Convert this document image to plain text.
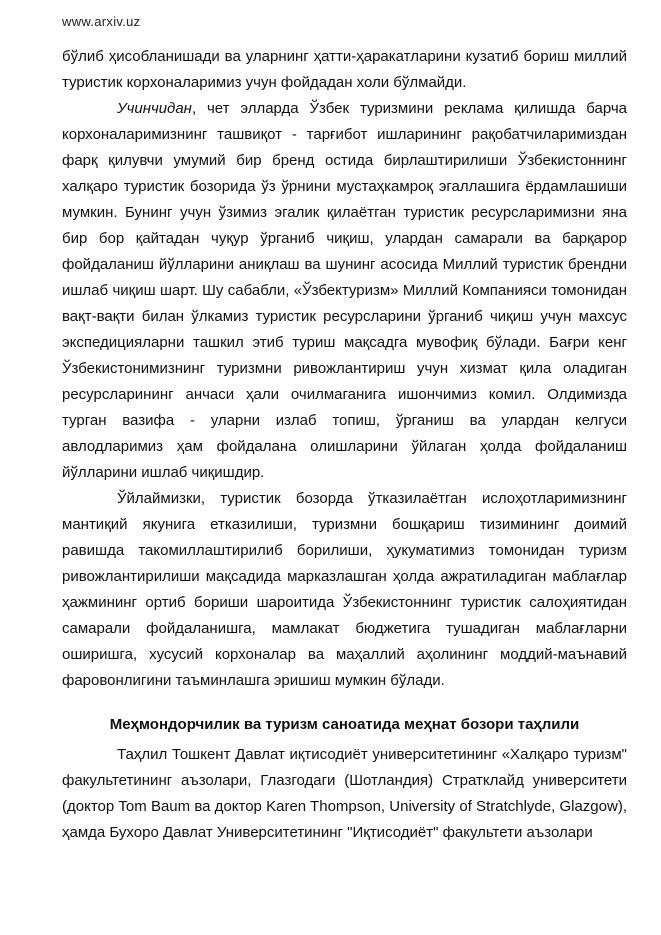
www.arxiv.uz

бўлиб ҳисобланишади ва уларнинг ҳатти-ҳаракатларини кузатиб бориш миллий туристик корхоналаримиз учун фойдадан холи бўлмайди.

Учинчидан, чет элларда Ўзбек туризмини реклама қилишда барча корхоналаримизнинг ташвиқот - тарғибот ишларининг рақобатчиларимиздан фарқ қилувчи умумий бир бренд остида бирлаштирилиши Ўзбекистоннинг халқаро туристик бозорида ўз ўрнини мустаҳкамроқ эгаллашига ёрдамлашиши мумкин. Бунинг учун ўзимиз эгалик қилаётган туристик ресурсларимизни яна бир бор қайтадан чуқур ўрганиб чиқиш, улардан самарали ва барқарор фойдаланиш йўлларини аниқлаш ва шунинг асосида Миллий туристик брендни ишлаб чиқиш шарт. Шу сабабли, «Ўзбектуризм» Миллий Компанияси томонидан вақт-вақти билан ўлкамиз туристик ресурсларини ўрганиб чиқиш учун махсус экспедицияларни ташкил этиб туриш мақсадга мувофиқ бўлади. Бағри кенг Ўзбекистонимизнинг туризмни ривожлантириш учун хизмат қила оладиган ресурсларининг анчаси ҳали очилмаганига ишончимиз комил. Олдимизда турган вазифа - уларни излаб топиш, ўрганиш ва улардан келгуси авлодларимиз ҳам фойдалана олишларини ўйлаган ҳолда фойдаланиш йўлларини ишлаб чиқишдир.

Ўйлаймизки, туристик бозорда ўтказилаётган ислоҳотларимизнинг мантиқий якунига етказилиши, туризмни бошқариш тизимининг доимий равишда такомиллаштирилиб борилиши, ҳукуматимиз томонидан туризм ривожлантирилиши мақсадида марказлашган ҳолда ажратиладиган маблағлар ҳажмининг ортиб бориши шароитида Ўзбекистоннинг туристик салоҳиятидан самарали фойдаланишга, мамлакат бюджетига тушадиган маблағларни оширишга, хусусий корхоналар ва маҳаллий аҳолининг моддий-маънавий фаровонлигини таъминлашга эришиш мумкин бўлади.

Меҳмондорчилик ва туризм саноатида меҳнат бозори таҳлили

Таҳлил Тошкент Давлат иқтисодиёт университетининг «Халқаро туризм" факультетининг аъзолари, Глазгодаги (Шотландия) Стратклайд университети (доктор Tom Baum ва доктор Karen Thompson, University of Stratchlyde, Glazgow), ҳамда Бухоро Давлат Университетининг "Иқтисодиёт" факультети аъзолари
